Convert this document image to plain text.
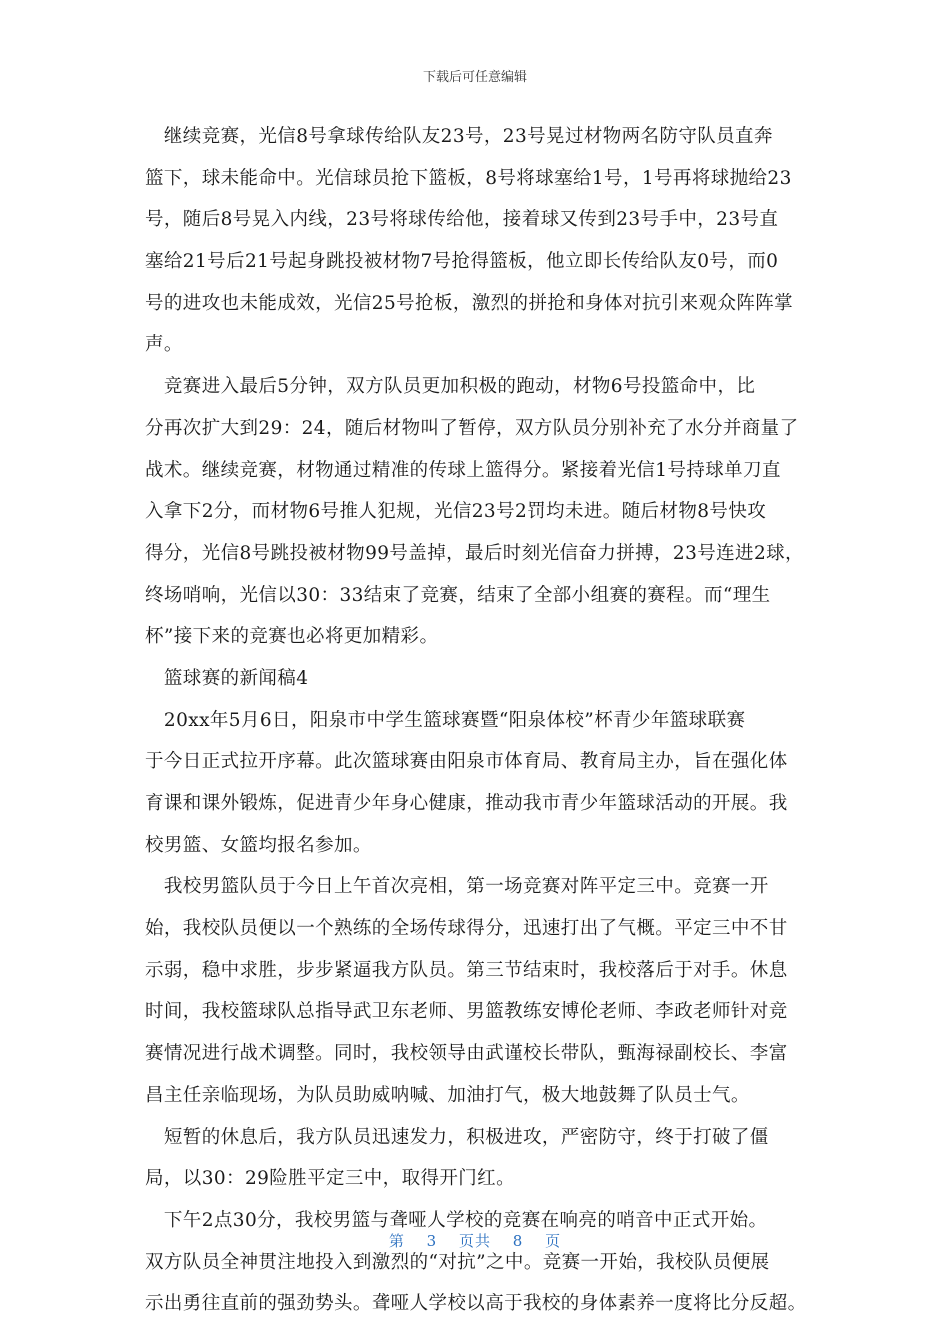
下载后可任意编辑
　继续竞赛，光信8号拿球传给队友23号，23号晃过材物两名防守队员直奔
篮下，球未能命中。光信球员抢下篮板，8号将球塞给1号，1号再将球抛给23
号，随后8号晃入内线，23号将球传给他，接着球又传到23号手中，23号直
塞给21号后21号起身跳投被材物7号抢得篮板，他立即长传给队友0号，而0
号的进攻也未能成效，光信25号抢板，激烈的拼抢和身体对抗引来观众阵阵掌
声。
　竞赛进入最后5分钟，双方队员更加积极的跑动，材物6号投篮命中，比
分再次扩大到29：24，随后材物叫了暂停，双方队员分别补充了水分并商量了
战术。继续竞赛，材物通过精准的传球上篮得分。紧接着光信1号持球单刀直
入拿下2分，而材物6号推人犯规，光信23号2罚均未进。随后材物8号快攻
得分，光信8号跳投被材物99号盖掉，最后时刻光信奋力拼搏，23号连进2球，
终场哨响，光信以30：33结束了竞赛，结束了全部小组赛的赛程。而“理生
杯”接下来的竞赛也必将更加精彩。
　篮球赛的新闻稿4
　20xx年5月6日，阳泉市中学生篮球赛暨“阳泉体校”杯青少年篮球联赛
于今日正式拉开序幕。此次篮球赛由阳泉市体育局、教育局主办，旨在强化体
育课和课外锻炼，促进青少年身心健康，推动我市青少年篮球活动的开展。我
校男篮、女篮均报名参加。
　我校男篮队员于今日上午首次亮相，第一场竞赛对阵平定三中。竞赛一开
始，我校队员便以一个熟练的全场传球得分，迅速打出了气概。平定三中不甘
示弱，稳中求胜，步步紧逼我方队员。第三节结束时，我校落后于对手。休息
时间，我校篮球队总指导武卫东老师、男篮教练安博伦老师、李政老师针对竞
赛情况进行战术调整。同时，我校领导由武谨校长带队，甄海禄副校长、李富
昌主任亲临现场，为队员助威呐喊、加油打气，极大地鼓舞了队员士气。
　短暂的休息后，我方队员迅速发力，积极进攻，严密防守，终于打破了僵
局，以30：29险胜平定三中，取得开门红。
　下午2点30分，我校男篮与聋哑人学校的竞赛在响亮的哨音中正式开始。
双方队员全神贯注地投入到激烈的“对抗”之中。竞赛一开始，我校队员便展
示出勇往直前的强劲势头。聋哑人学校以高于我校的身体素养一度将比分反超。
第 3 页共 8 页
